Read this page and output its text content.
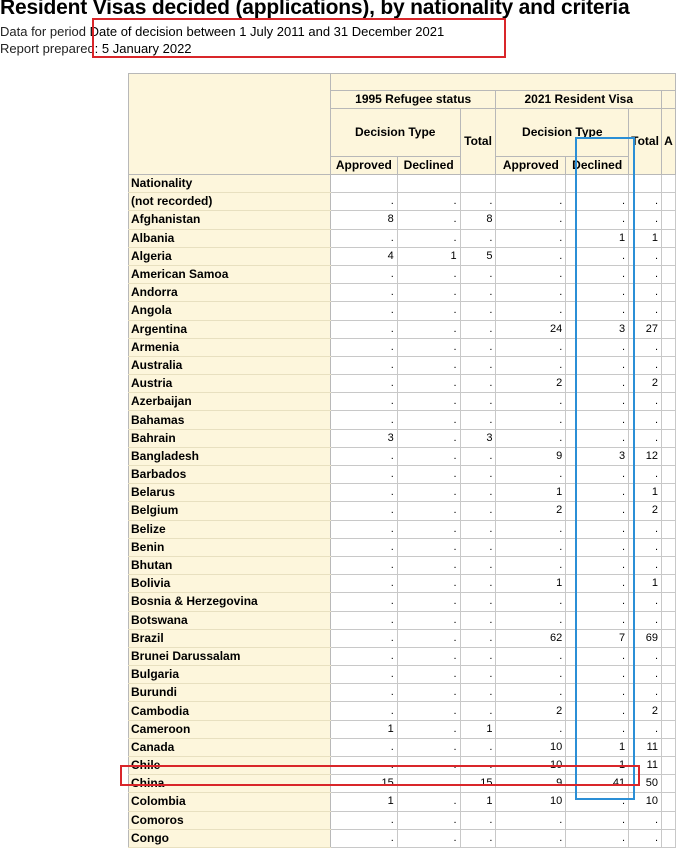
Resident Visas decided (applications), by nationality and criteria
Data for period Date of decision between 1 July 2011 and 31 December 2021
Report prepared: 5 January 2022

	1995 Refugee status			2021 Resident Visa			
	Decision Type		Total	Decision Type		Total	A
	Approved	Declined		Approved	Declined		
Nationality							
(not recorded)	.	.	.	.	.	.	
Afghanistan	8	.	8	.	.	.	
Albania	.	.	.	.	1	1	
Algeria	4	1	5	.	.	.	
American Samoa	.	.	.	.	.	.	
Andorra	.	.	.	.	.	.	
Angola	.	.	.	.	.	.	
Argentina	.	.	.	24	3	27	
Armenia	.	.	.	.	.	.	
Australia	.	.	.	.	.	.	
Austria	.	.	.	2	.	2	
Azerbaijan	.	.	.	.	.	.	
Bahamas	.	.	.	.	.	.	
Bahrain	3	.	3	.	.	.	
Bangladesh	.	.	.	9	3	12	
Barbados	.	.	.	.	.	.	
Belarus	.	.	.	1	.	1	
Belgium	.	.	.	2	.	2	
Belize	.	.	.	.	.	.	
Benin	.	.	.	.	.	.	
Bhutan	.	.	.	.	.	.	
Bolivia	.	.	.	1	.	1	
Bosnia & Herzegovina	.	.	.	.	.	.	
Botswana	.	.	.	.	.	.	
Brazil	.	.	.	62	7	69	
Brunei Darussalam	.	.	.	.	.	.	
Bulgaria	.	.	.	.	.	.	
Burundi	.	.	.	.	.	.	
Cambodia	.	.	.	2	.	2	
Cameroon	1	.	1	.	.	.	
Canada	.	.	.	10	1	11	
Chile	.	.	.	10	1	11	
China	15	.	15	9	41	50	
Colombia	1	.	1	10	.	10	
Comoros	.	.	.	.	.	.	
Congo	.	.	.	.	.	.	
